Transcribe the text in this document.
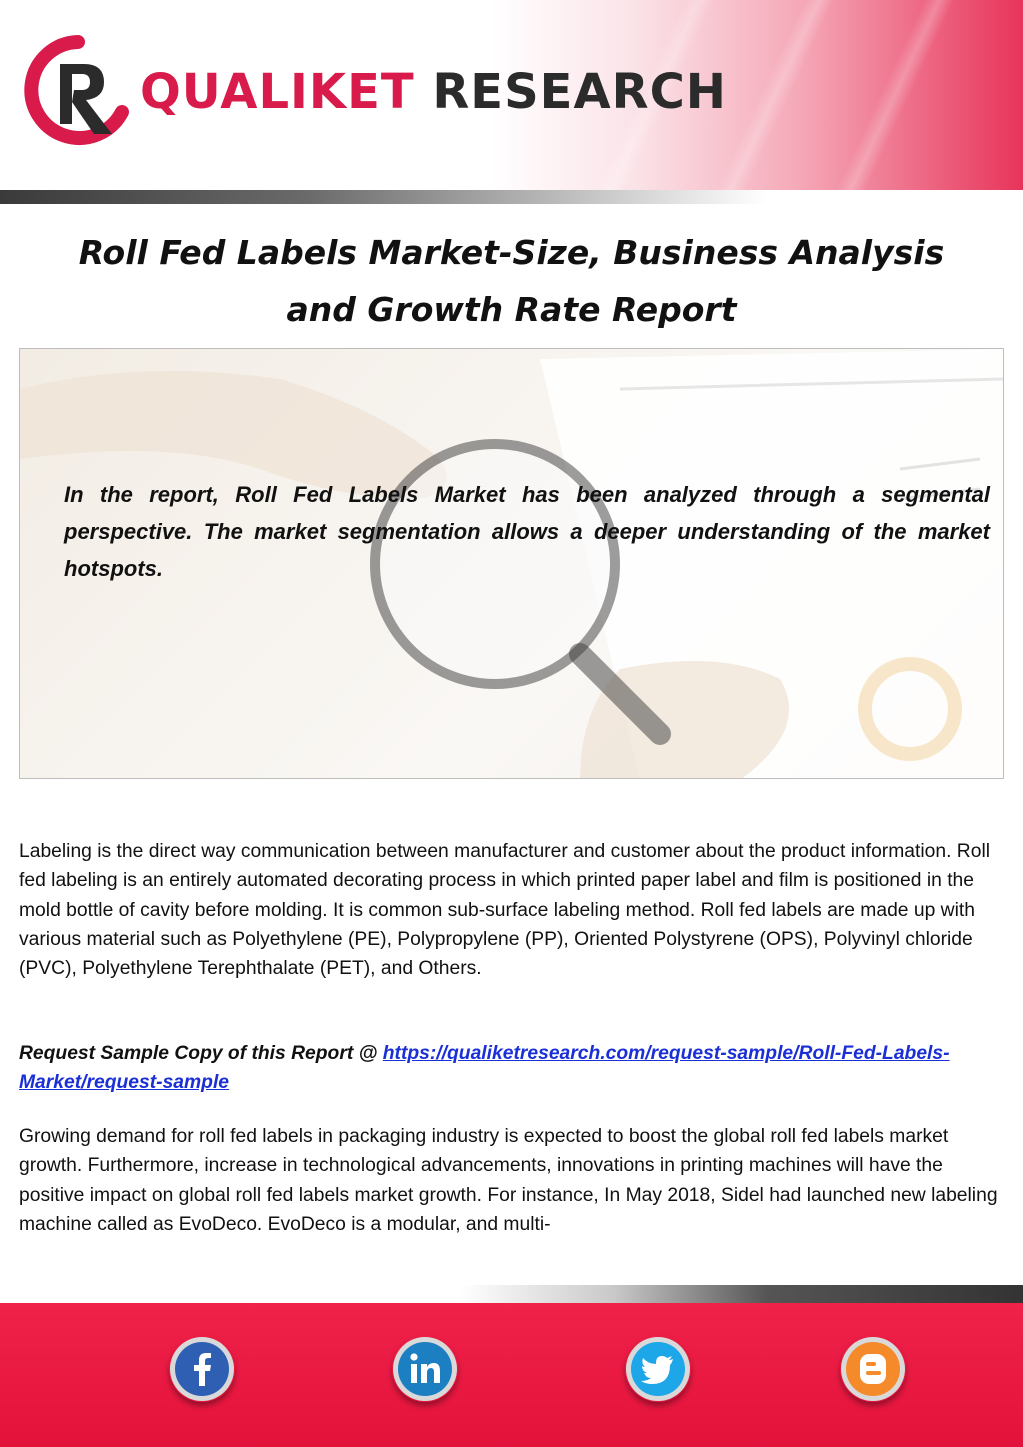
QUALIKET RESEARCH
Roll Fed Labels Market-Size, Business Analysis and Growth Rate Report
In the report, Roll Fed Labels Market has been analyzed through a segmental perspective. The market segmentation allows a deeper understanding of the market hotspots.
Labeling is the direct way communication between manufacturer and customer about the product information. Roll fed labeling is an entirely automated decorating process in which printed paper label and film is positioned in the mold bottle of cavity before molding. It is common sub-surface labeling method. Roll fed labels are made up with various material such as Polyethylene (PE), Polypropylene (PP), Oriented Polystyrene (OPS), Polyvinyl chloride (PVC), Polyethylene Terephthalate (PET), and Others.
Request Sample Copy of this Report @ https://qualiketresearch.com/request-sample/Roll-Fed-Labels-Market/request-sample
Growing demand for roll fed labels in packaging industry is expected to boost the global roll fed labels market growth. Furthermore, increase in technological advancements, innovations in printing machines will have the positive impact on global roll fed labels market growth. For instance, In May 2018, Sidel had launched new labeling machine called as EvoDeco. EvoDeco is a modular, and multi-
